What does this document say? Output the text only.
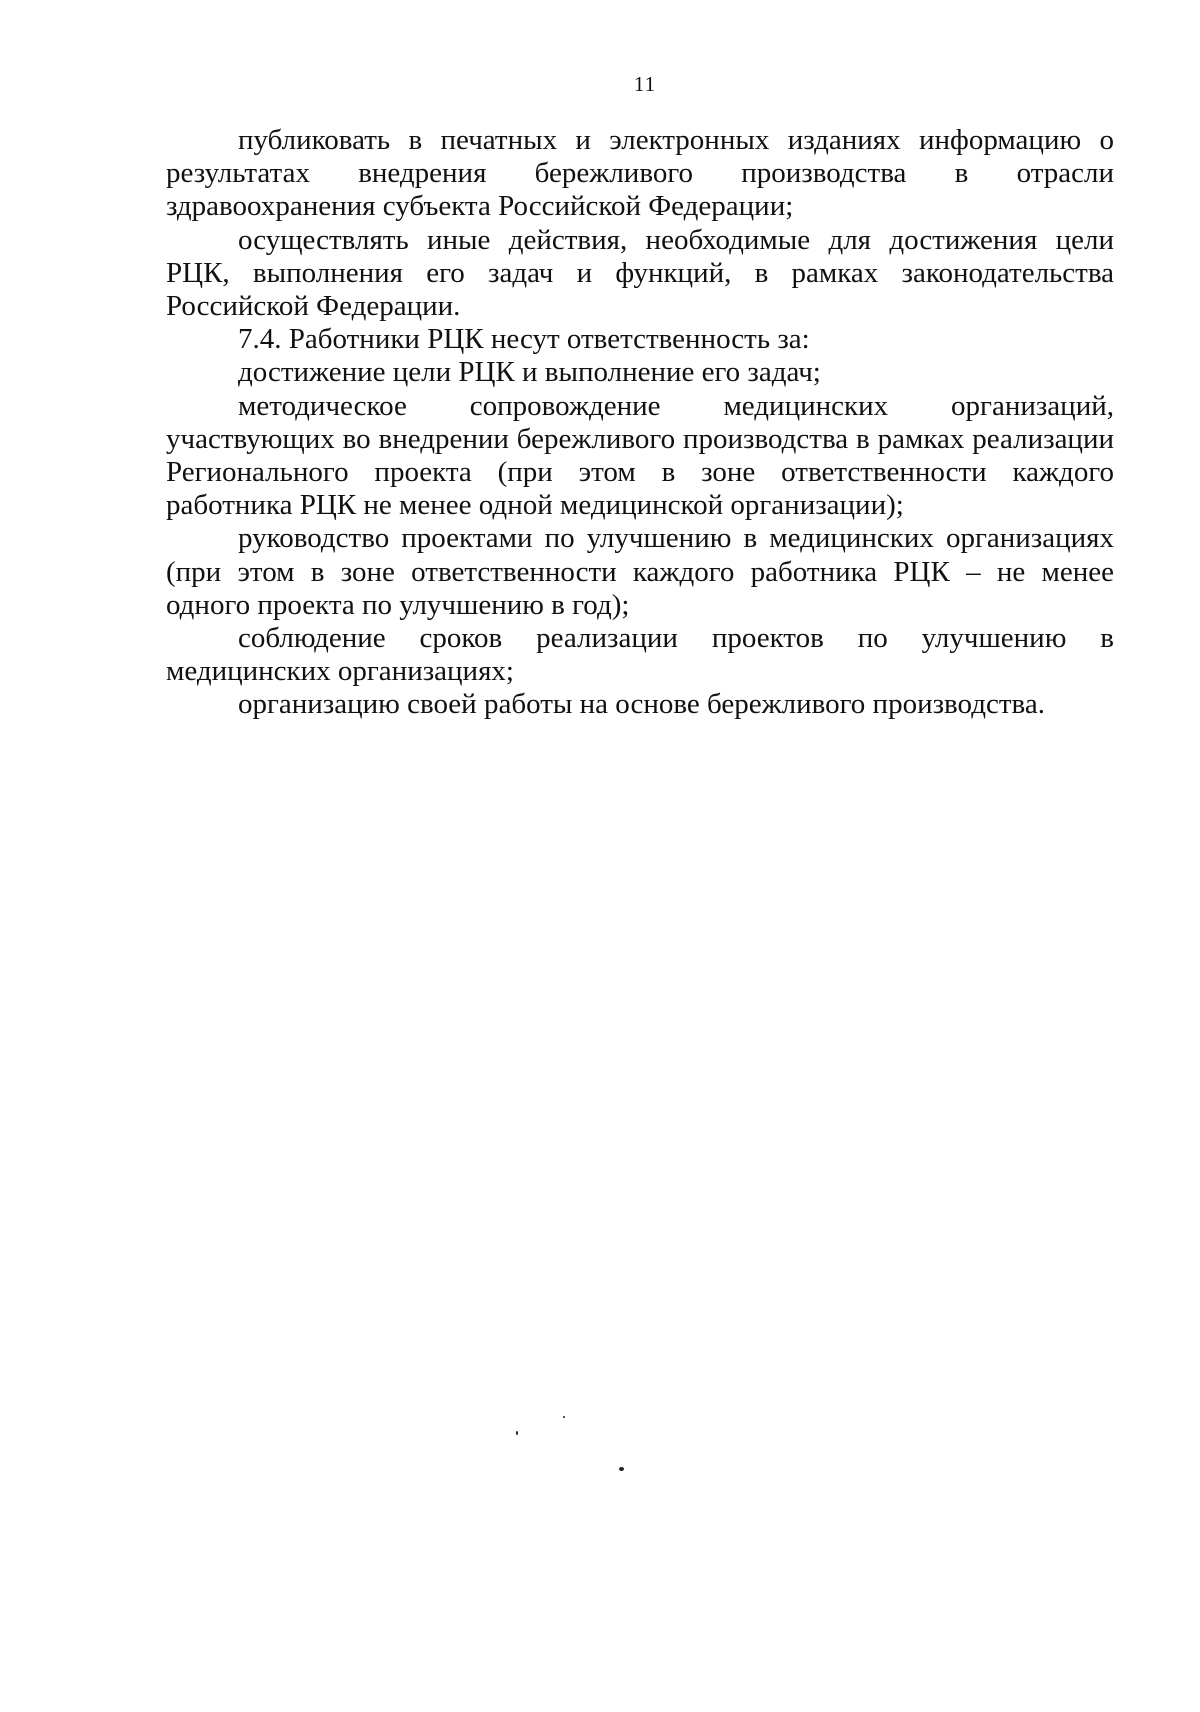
11

публиковать в печатных и электронных изданиях информацию о результатах внедрения бережливого производства в отрасли здравоохранения субъекта Российской Федерации;

осуществлять иные действия, необходимые для достижения цели РЦК, выполнения его задач и функций, в рамках законодательства Российской Федерации.

7.4. Работники РЦК несут ответственность за:

достижение цели РЦК и выполнение его задач;

методическое сопровождение медицинских организаций, участвующих во внедрении бережливого производства в рамках реализации Регионального проекта (при этом в зоне ответственности каждого работника РЦК не менее одной медицинской организации);

руководство проектами по улучшению в медицинских организациях (при этом в зоне ответственности каждого работника РЦК – не менее одного проекта по улучшению в год);

соблюдение сроков реализации проектов по улучшению в медицинских организациях;

организацию своей работы на основе бережливого производства.
